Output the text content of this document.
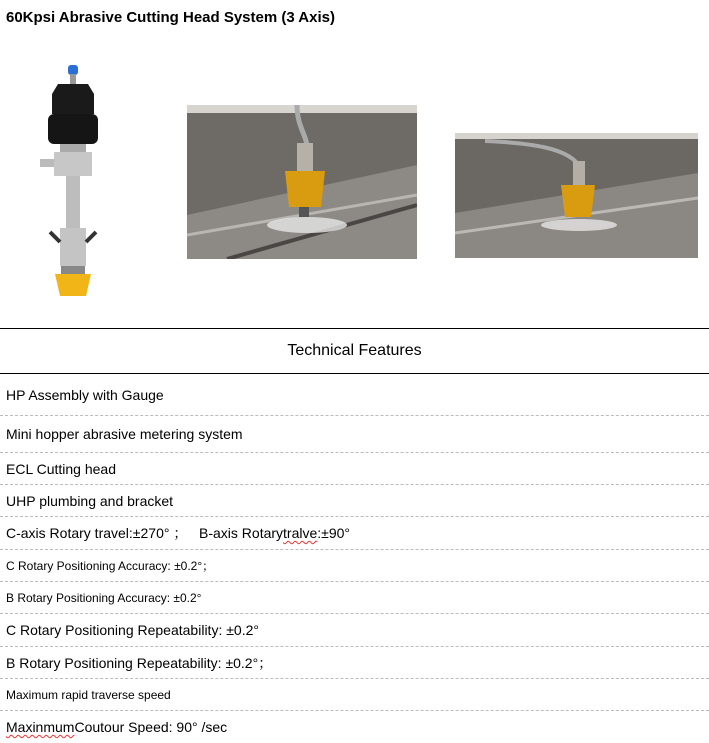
60Kpsi Abrasive Cutting Head System (3 Axis)
Technical Features
HP Assembly with Gauge
Mini hopper abrasive metering system
ECL Cutting head
UHP plumbing and bracket
C-axis Rotary travel:±270° ；   B-axis Rotary tralve :±90°
C Rotary Positioning Accuracy: ±0.2°；
B Rotary Positioning Accuracy: ±0.2°
C Rotary Positioning Repeatability: ±0.2°
B Rotary Positioning Repeatability: ±0.2°；
Maximum rapid traverse speed
Maxinmum Coutour Speed: 90° /sec
